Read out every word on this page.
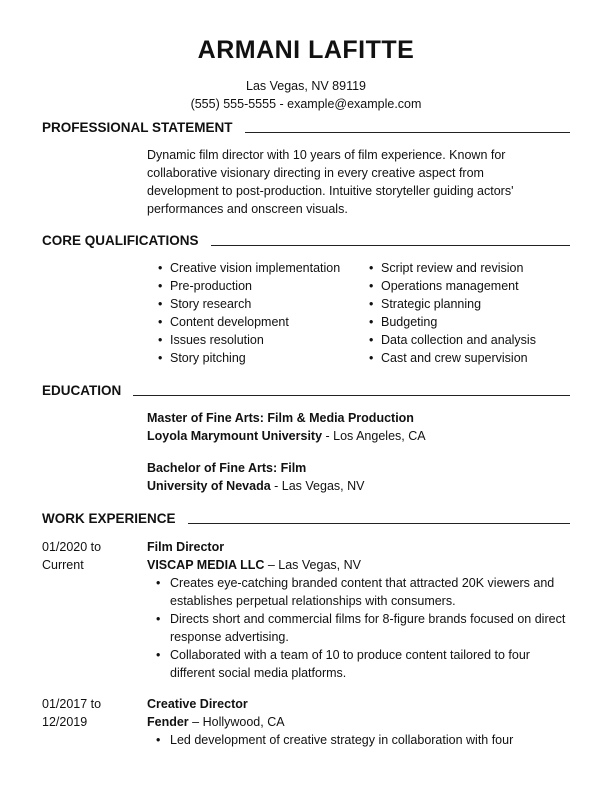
ARMANI LAFITTE
Las Vegas, NV 89119
(555) 555-5555 - example@example.com
PROFESSIONAL STATEMENT
Dynamic film director with 10 years of film experience. Known for
collaborative visionary directing in every creative aspect from
development to post-production. Intuitive storyteller guiding actors'
performances and onscreen visuals.
CORE QUALIFICATIONS
• Creative vision implementation
• Pre-production
• Story research
• Content development
• Issues resolution
• Story pitching
• Script review and revision
• Operations management
• Strategic planning
• Budgeting
• Data collection and analysis
• Cast and crew supervision
EDUCATION
Master of Fine Arts: Film & Media Production
Loyola Marymount University - Los Angeles, CA
Bachelor of Fine Arts: Film
University of Nevada - Las Vegas, NV
WORK EXPERIENCE
01/2020 to
Current
Film Director
VISCAP MEDIA LLC – Las Vegas, NV
• Creates eye-catching branded content that attracted 20K viewers and establishes perpetual relationships with consumers.
• Directs short and commercial films for 8-figure brands focused on direct response advertising.
• Collaborated with a team of 10 to produce content tailored to four different social media platforms.
01/2017 to
12/2019
Creative Director
Fender – Hollywood, CA
• Led development of creative strategy in collaboration with four
